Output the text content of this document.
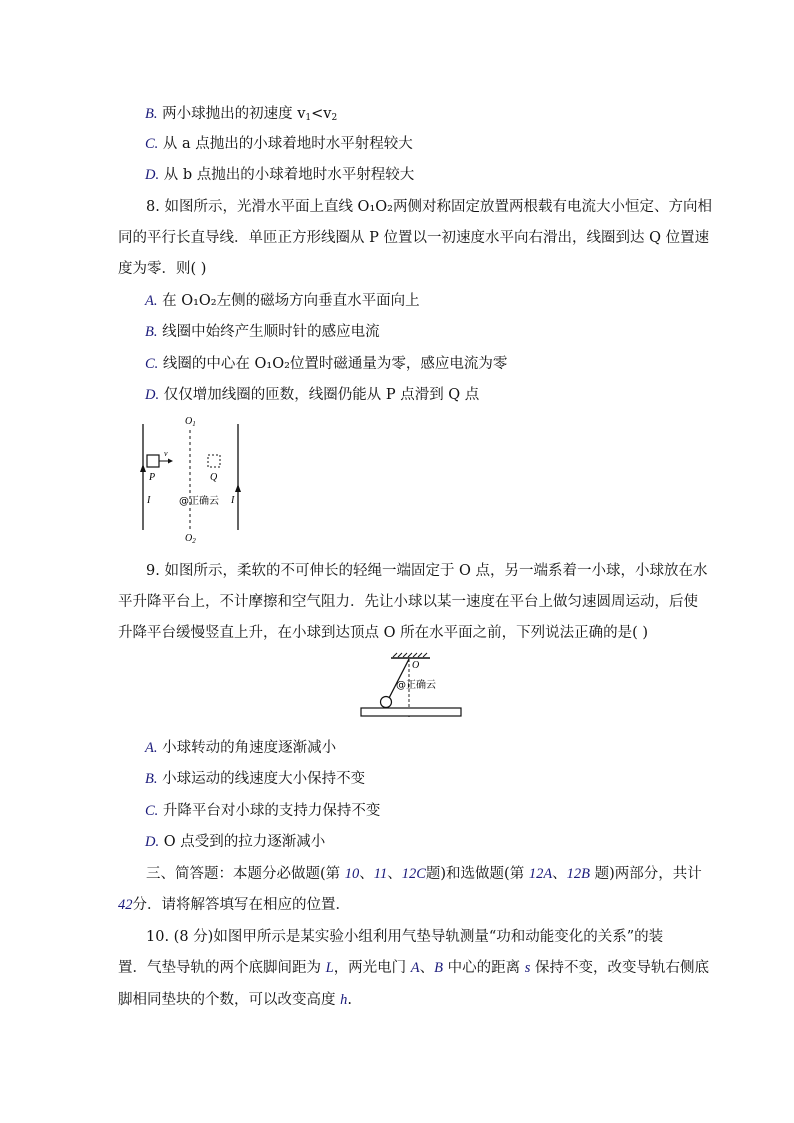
B. 两小球抛出的初速度 $v_1<v_2$
C. 从 a 点抛出的小球着地时水平射程较大
D. 从 b 点抛出的小球着地时水平射程较大
8. 如图所示，光滑水平面上直线 O₁O₂两侧对称固定放置两根载有电流大小恒定、方向相
同的平行长直导线．单匝正方形线圈从 P 位置以一初速度水平向右滑出，线圈到达 Q 位置速
度为零．则( )
A. 在 O₁O₂左侧的磁场方向垂直水平面向上
B. 线圈中始终产生顺时针的感应电流
C. 线圈的中心在 O₁O₂位置时磁通量为零，感应电流为零
D. 仅仅增加线圈的匝数，线圈仍能从 P 点滑到 Q 点
$O_1$
$O_2$
v
P	Q
I	I
@正确云
9. 如图所示，柔软的不可伸长的轻绳一端固定于 O 点，另一端系着一小球，小球放在水
平升降平台上，不计摩擦和空气阻力．先让小球以某一速度在平台上做匀速圆周运动，后使
升降平台缓慢竖直上升，在小球到达顶点 O 所在水平面之前，下列说法正确的是( )
O
@正确云
A. 小球转动的角速度逐渐减小
B. 小球运动的线速度大小保持不变
C. 升降平台对小球的支持力保持不变
D. O 点受到的拉力逐渐减小
三、简答题：本题分必做题(第 10、11、12C题)和选做题(第 12A、12B 题)两部分，共计
42分．请将解答填写在相应的位置．
10. (8 分)如图甲所示是某实验小组利用气垫导轨测量“功和动能变化的关系”的装
置．气垫导轨的两个底脚间距为 L，两光电门 A、B 中心的距离 s 保持不变，改变导轨右侧底
脚相同垫块的个数，可以改变高度 h.
